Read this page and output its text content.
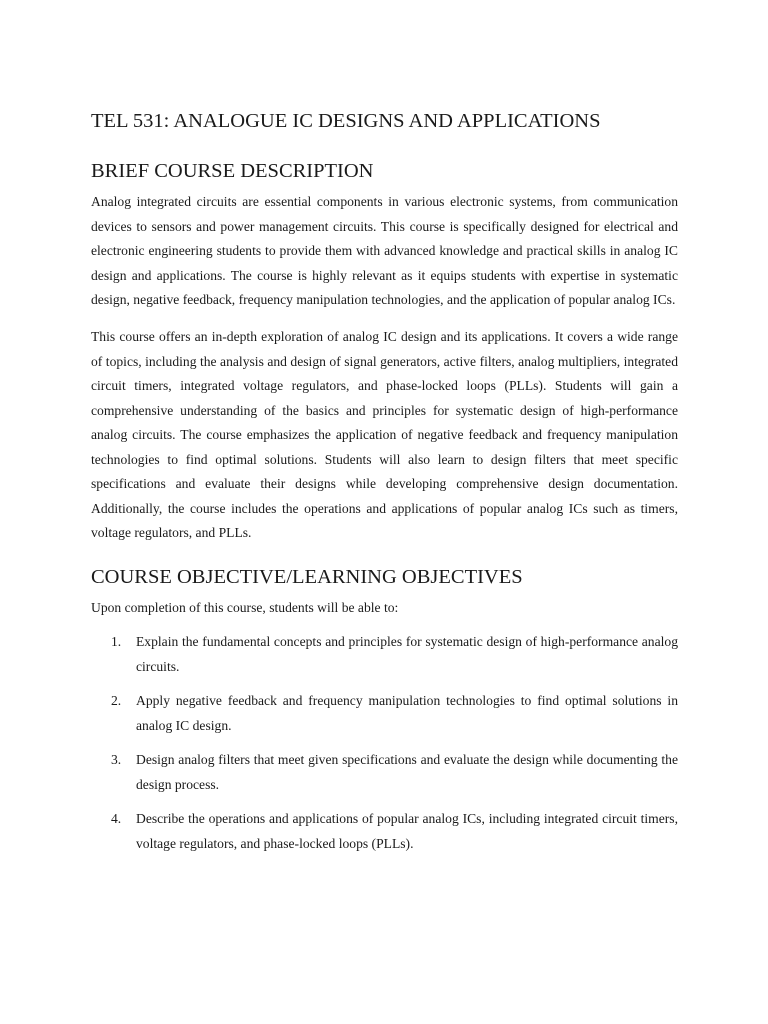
TEL 531: ANALOGUE IC DESIGNS AND APPLICATIONS
BRIEF COURSE DESCRIPTION

Analog integrated circuits are essential components in various electronic systems, from communication devices to sensors and power management circuits. This course is specifically designed for electrical and electronic engineering students to provide them with advanced knowledge and practical skills in analog IC design and applications. The course is highly relevant as it equips students with expertise in systematic design, negative feedback, frequency manipulation technologies, and the application of popular analog ICs.

This course offers an in-depth exploration of analog IC design and its applications. It covers a wide range of topics, including the analysis and design of signal generators, active filters, analog multipliers, integrated circuit timers, integrated voltage regulators, and phase-locked loops (PLLs). Students will gain a comprehensive understanding of the basics and principles for systematic design of high-performance analog circuits. The course emphasizes the application of negative feedback and frequency manipulation technologies to find optimal solutions. Students will also learn to design filters that meet specific specifications and evaluate their designs while developing comprehensive design documentation. Additionally, the course includes the operations and applications of popular analog ICs such as timers, voltage regulators, and PLLs.

COURSE OBJECTIVE/LEARNING OBJECTIVES

Upon completion of this course, students will be able to:

1. Explain the fundamental concepts and principles for systematic design of high-performance analog circuits.
2. Apply negative feedback and frequency manipulation technologies to find optimal solutions in analog IC design.
3. Design analog filters that meet given specifications and evaluate the design while documenting the design process.
4. Describe the operations and applications of popular analog ICs, including integrated circuit timers, voltage regulators, and phase-locked loops (PLLs).
